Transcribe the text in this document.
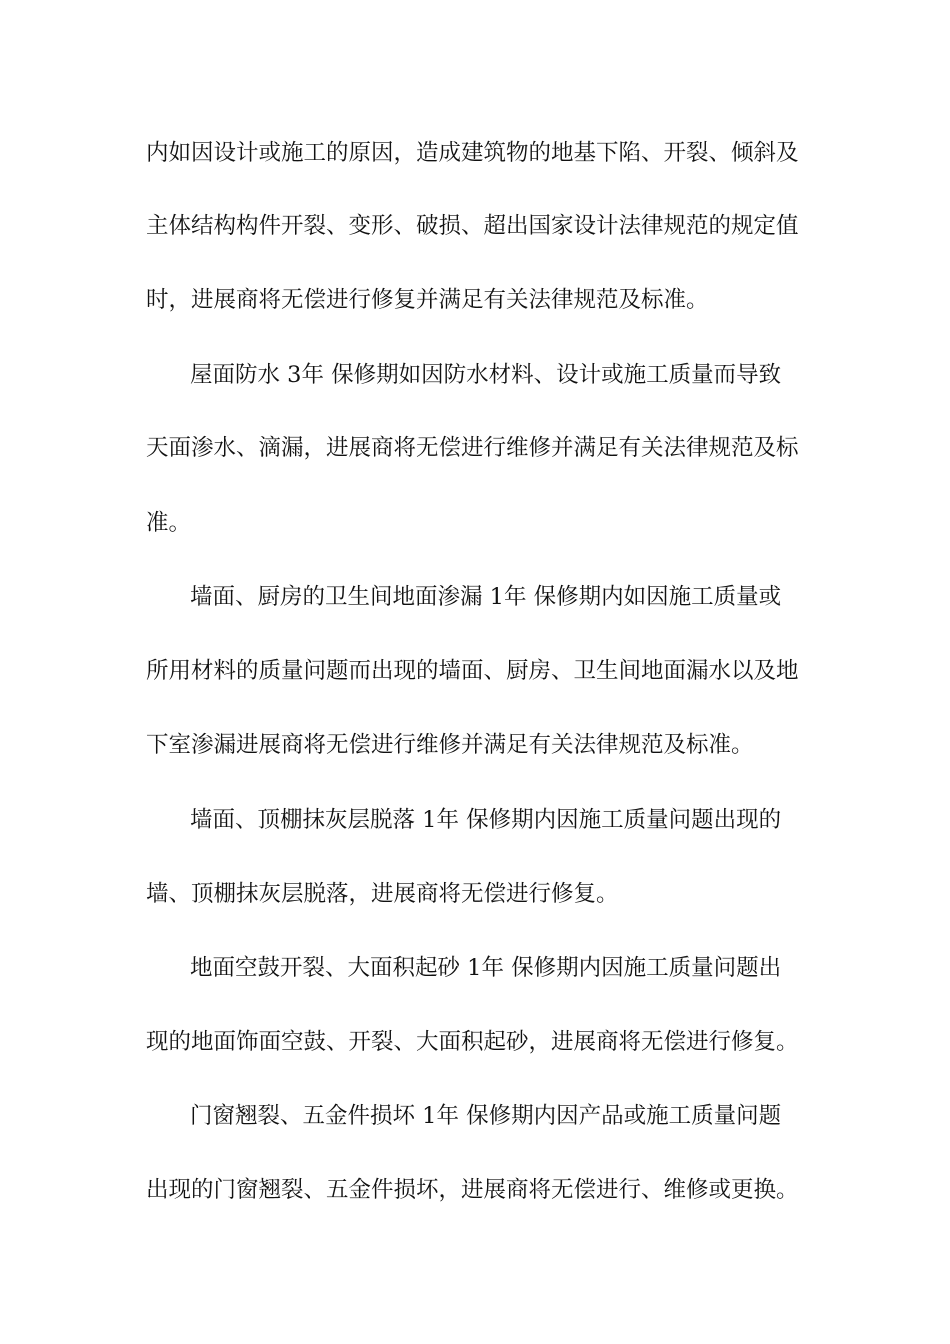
内如因设计或施工的原因，造成建筑物的地基下陷、开裂、倾斜及
主体结构构件开裂、变形、破损、超出国家设计法律规范的规定值
时，进展商将无偿进行修复并满足有关法律规范及标准。
屋面防水 3年 保修期如因防水材料、设计或施工质量而导致
天面渗水、滴漏，进展商将无偿进行维修并满足有关法律规范及标
准。
墙面、厨房的卫生间地面渗漏 1年 保修期内如因施工质量或
所用材料的质量问题而出现的墙面、厨房、卫生间地面漏水以及地
下室渗漏进展商将无偿进行维修并满足有关法律规范及标准。
墙面、顶棚抹灰层脱落 1年 保修期内因施工质量问题出现的
墙、顶棚抹灰层脱落，进展商将无偿进行修复。
地面空鼓开裂、大面积起砂 1年 保修期内因施工质量问题出
现的地面饰面空鼓、开裂、大面积起砂，进展商将无偿进行修复。
门窗翘裂、五金件损坏 1年 保修期内因产品或施工质量问题
出现的门窗翘裂、五金件损坏，进展商将无偿进行、维修或更换。
